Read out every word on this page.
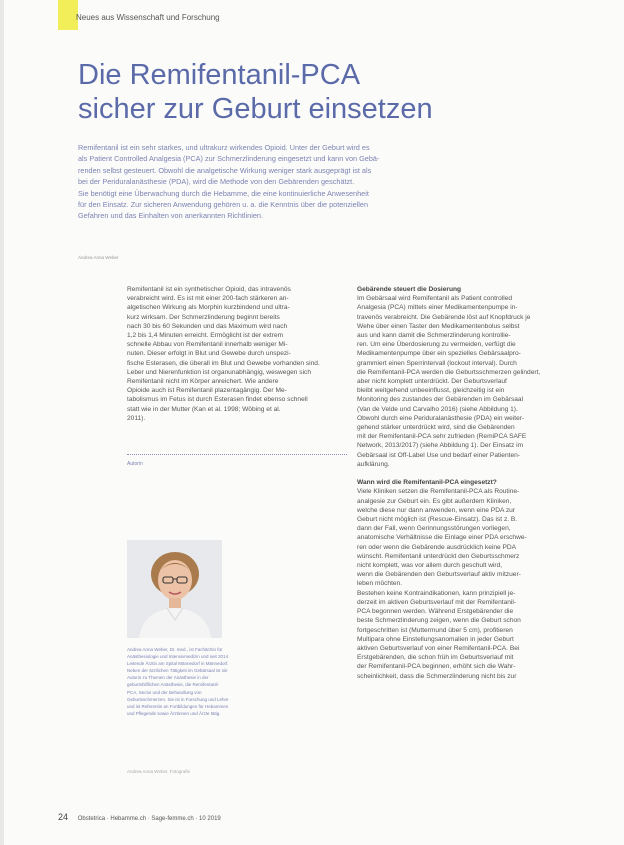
Neues aus Wissenschaft und Forschung
Die Remifentanil-PCA
sicher zur Geburt einsetzen
Remifentanil ist ein sehr starkes, und ultrakurz wirkendes Opioid. Unter der Geburt wird es
als Patient Controlled Analgesia (PCA) zur Schmerzlinderung eingesetzt und kann von Gebä-
renden selbst gesteuert. Obwohl die analgetische Wirkung weniger stark ausgeprägt ist als
bei der Periduralanästhesie (PDA), wird die Methode von den Gebärenden geschätzt.
Sie benötigt eine Überwachung durch die Hebamme, die eine kontinuierliche Anwesenheit
für den Einsatz. Zur sicheren Anwendung gehören u. a. die Kenntnis über die potenziellen
Gefahren und das Einhalten von anerkannten Richtlinien.
Andrea Anna Weber
Remifentanil ist ein synthetischer Opioid, das intravenös
verabreicht wird. Es ist mit einer 200-fach stärkeren an-
algetischen Wirkung als Morphin kurzbindend und ultra-
kurz wirksam. Der Schmerzlinderung beginnt bereits
nach 30 bis 60 Sekunden und das Maximum wird nach
1,2 bis 1,4 Minuten erreicht. Ermöglicht ist der extrem
schnelle Abbau von Remifentanil innerhalb weniger Mi-
nuten. Dieser erfolgt in Blut und Gewebe durch unspezi-
fische Esterasen, die überall im Blut und Gewebe vorhanden sind.
Leber und Nierenfunktion ist organunabhängig, weswegen sich
Remifentanil nicht im Körper anreichert. Wie andere
Opioide auch ist Remifentanil plazentagängig. Der Me-
tabolismus im Fetus ist durch Esterasen findet ebenso schnell
statt wie in der Mutter (Kan et al. 1998; Wöbing et al.
2011).
Autorin
Andrea Anna Weber, Dr. med., ist Fachärztin für
Anästhesiologie und Intensivmedizin und seit 2014
Leitende Ärztin am Spital Männedorf in Männedorf.
Neben der ärztlichen Tätigkeit im Gebärsaal ist sie
Autorin zu Themen der Anästhesie in der
geburtshilflichen Anästhesie, die Remifentanil-
PCA, Sectio und der Behandlung von
Geburtsschmerzen. Sie ist in Forschung und Lehre
und ist Referentin an Fortbildungen für Hebammen
und Pflegende sowie Ärztinnen und Ärzte tätig.
Andrea Anna Weber, Fotografie
Gebärende steuert die Dosierung
Im Gebärsaal wird Remifentanil als Patient controlled
Analgesia (PCA) mittels einer Medikamentenpumpe in-
travenös verabreicht. Die Gebärende löst auf Knopfdruck je
Wehe über einen Taster den Medikamentenbolus selbst
aus und kann damit die Schmerzlinderung kontrollie-
ren. Um eine Überdosierung zu vermeiden, verfügt die
Medikamentenpumpe über ein spezielles Gebärsaalpro-
grammiert einen Sperrintervall (lockout interval). Durch
die Remifentanil-PCA werden die Geburtsschmerzen gelindert,
aber nicht komplett unterdrückt. Der Geburtsverlauf
bleibt weitgehend unbeeinflusst, gleichzeitig ist ein
Monitoring des zustandes der Gebärenden im Gebärsaal
(Van de Velde und Carvalho 2016) (siehe Abbildung 1).
Obwohl durch eine Periduralanästhesie (PDA) ein weiter-
gehend stärker unterdrückt wird, sind die Gebärenden
mit der Remifentanil-PCA sehr zufrieden (RemiPCA SAFE
Network, 2013/2017) (siehe Abbildung 1). Der Einsatz im
Gebärsaal ist Off-Label Use und bedarf einer Patienten-
aufklärung.
Wann wird die Remifentanil-PCA eingesetzt?
Viele Kliniken setzen die Remifentanil-PCA als Routine-
analgesie zur Geburt ein. Es gibt außerdem Kliniken,
welche diese nur dann anwenden, wenn eine PDA zur
Geburt nicht möglich ist (Rescue-Einsatz). Das ist z. B.
dann der Fall, wenn Gerinnungsstörungen vorliegen,
anatomische Verhältnisse die Einlage einer PDA erschwe-
ren oder wenn die Gebärende ausdrücklich keine PDA
wünscht. Remifentanil unterdrückt den Geburtsschmerz
nicht komplett, was vor allem durch geschult wird,
wenn die Gebärenden den Geburtsverlauf aktiv mitzuer-
leben möchten.
Bestehen keine Kontraindikationen, kann prinzipiell je-
derzeit im aktiven Geburtsverlauf mit der Remifentanil-
PCA begonnen werden. Während Erstgebärender die
beste Schmerzlinderung zeigen, wenn die Geburt schon
fortgeschritten ist (Muttermund über 5 cm), profitieren
Multipara ohne Einstellungsanomalien in jeder Geburt
aktiven Geburtsverlauf von einer Remifentanil-PCA. Bei
Erstgebärenden, die schon früh im Geburtsverlauf mit
der Remifentanil-PCA beginnen, erhöht sich die Wahr-
scheinlichkeit, dass die Schmerzlinderung nicht bis zur
24 Obstetrica · Hebamme.ch · Sage-femme.ch · 10 2019
